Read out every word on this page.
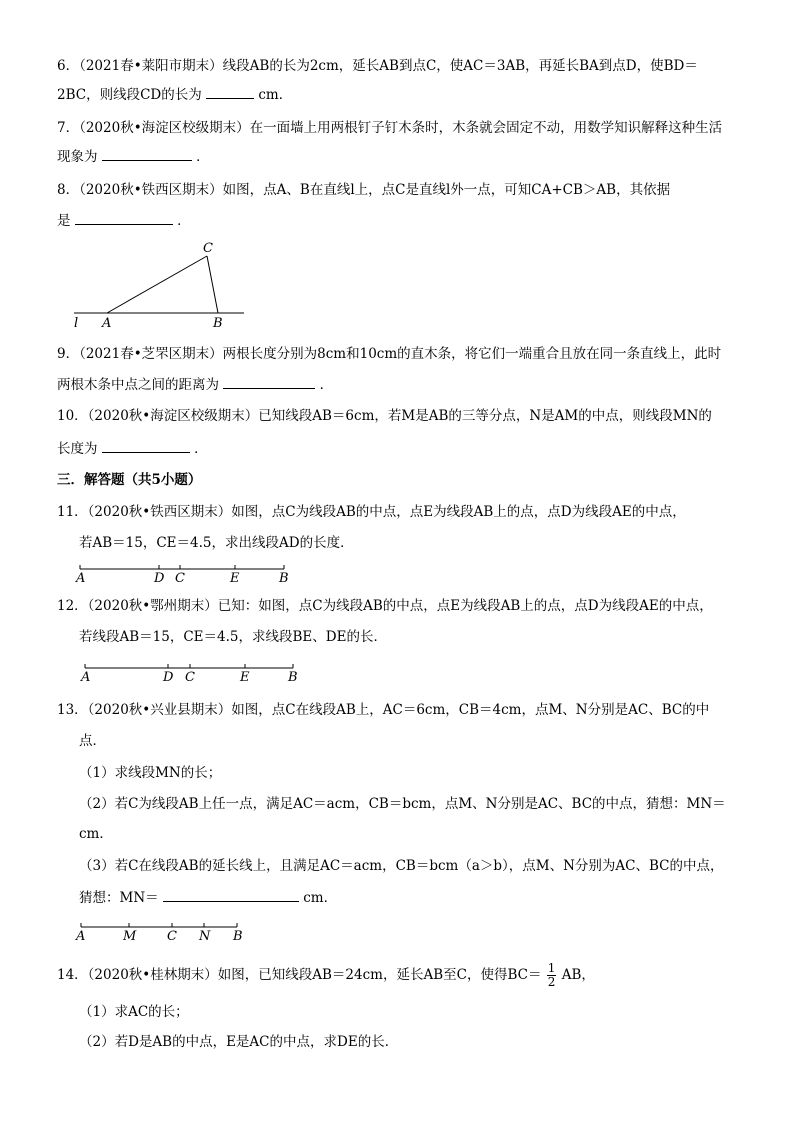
6．（2021春•莱阳市期末）线段AB的长为2cm，延长AB到点C，使AC＝3AB，再延长BA到点D，使BD＝
2BC，则线段CD的长为	cm．
7．（2020秋•海淀区校级期末）在一面墙上用两根钉子钉木条时，木条就会固定不动，用数学知识解释这种生活
现象为	．
8．（2020秋•铁西区期末）如图，点A、B在直线l上，点C是直线l外一点，可知CA+CB＞AB，其依据
是	．
C
l A	B
9．（2021春•芝罘区期末）两根长度分别为8cm和10cm的直木条，将它们一端重合且放在同一条直线上，此时
两根木条中点之间的距离为	．
10．（2020秋•海淀区校级期末）已知线段AB＝6cm，若M是AB的三等分点，N是AM的中点，则线段MN的
长度为	．
三．解答题（共5小题）
11．（2020秋•铁西区期末）如图，点C为线段AB的中点，点E为线段AB上的点，点D为线段AE的中点，
若AB＝15，CE＝4.5，求出线段AD的长度．
A	D C	E	B
12．（2020秋•鄂州期末）已知：如图，点C为线段AB的中点，点E为线段AB上的点，点D为线段AE的中点，
若线段AB＝15，CE＝4.5，求线段BE、DE的长．
A	D C	E	B
13．（2020秋•兴业县期末）如图，点C在线段AB上，AC＝6cm，CB＝4cm，点M、N分别是AC、BC的中
点．
（1）求线段MN的长；
（2）若C为线段AB上任一点，满足AC＝acm，CB＝bcm，点M、N分别是AC、BC的中点，猜想：MN＝
cm．
（3）若C在线段AB的延长线上，且满足AC＝acm，CB＝bcm（a＞b），点M、N分别为AC、BC的中点，
猜想：MN＝	cm．
A	M C N B
14．（2020秋•桂林期末）如图，已知线段AB＝24cm，延长AB至C，使得$BC= \frac{1}{2}$ AB，
（1）求AC的长；
（2）若D是AB的中点，E是AC的中点，求DE的长．
